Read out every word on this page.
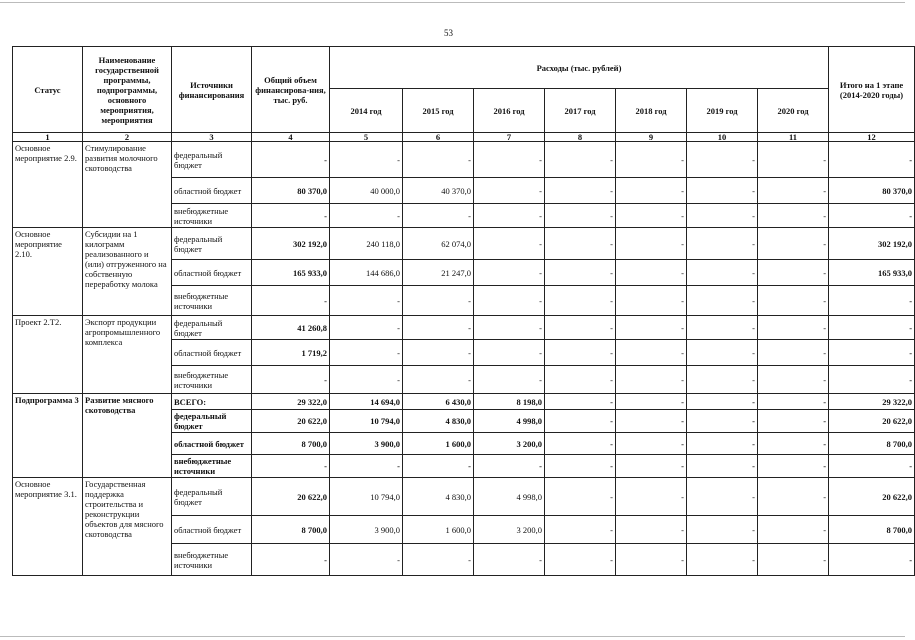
53
Статус	Наименование государственной программы, подпрограммы, основного мероприятия, мероприятия	Источники финансирования	Общий объем финансирова-ния, тыс. руб.	Расходы (тыс. рублей)							Итого на 1 этапе (2014-2020 годы)
				2014 год	2015 год	2016 год	2017 год	2018 год	2019 год	2020 год	
1	2	3	4	5	6	7	8	9	10	11	12
Основное мероприятие 2.9.	Стимулирование развития молочного скотоводства	федеральный бюджет	-	-	-	-	-	-	-	-	-
		областной бюджет	80 370,0	40 000,0	40 370,0	-	-	-	-	-	80 370,0
		внебюджетные источники	-	-	-	-	-	-	-	-	-
Основное мероприятие 2.10.	Субсидии на 1 килограмм реализованного и (или) отгруженного на собственную переработку молока	федеральный бюджет	302 192,0	240 118,0	62 074,0	-	-	-	-	-	302 192,0
		областной бюджет	165 933,0	144 686,0	21 247,0	-	-	-	-	-	165 933,0
		внебюджетные источники	-	-	-	-	-	-	-	-	-
Проект 2.Т2.	Экспорт продукции агропромышленного комплекса	федеральный бюджет	41 260,8	-	-	-	-	-	-	-	-
		областной бюджет	1 719,2	-	-	-	-	-	-	-	-
		внебюджетные источники	-	-	-	-	-	-	-	-	-
Подпрограмма 3	Развитие мясного скотоводства	ВСЕГО:	29 322,0	14 694,0	6 430,0	8 198,0	-	-	-	-	29 322,0
		федеральный бюджет	20 622,0	10 794,0	4 830,0	4 998,0	-	-	-	-	20 622,0
		областной бюджет	8 700,0	3 900,0	1 600,0	3 200,0	-	-	-	-	8 700,0
		внебюджетные источники	-	-	-	-	-	-	-	-	-
Основное мероприятие 3.1.	Государственная поддержка строительства и реконструкции объектов для мясного скотоводства	федеральный бюджет	20 622,0	10 794,0	4 830,0	4 998,0	-	-	-	-	20 622,0
		областной бюджет	8 700,0	3 900,0	1 600,0	3 200,0	-	-	-	-	8 700,0
		внебюджетные источники	-	-	-	-	-	-	-	-	-
